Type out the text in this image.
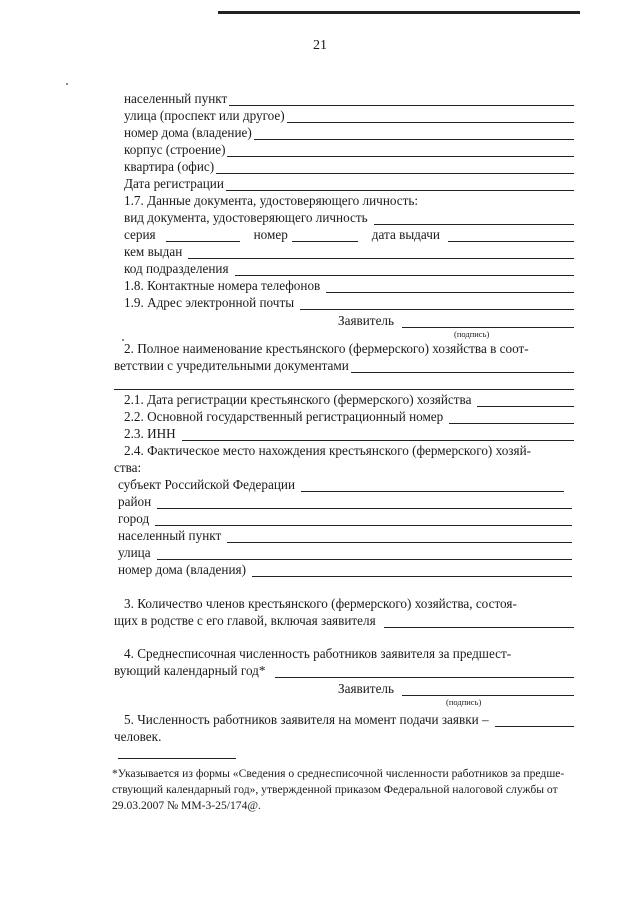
21
населенный пункт
улица (проспект или другое)
номер дома (владение)
корпус (строение)
квартира (офис)
Дата регистрации
1.7. Данные документа, удостоверяющего личность:
вид документа, удостоверяющего личность
серия	номер	дата выдачи
кем выдан
код подразделения
1.8. Контактные номера телефонов
1.9. Адрес электронной почты
Заявитель
(подпись)
2. Полное наименование крестьянского (фермерского) хозяйства в соот-
ветствии с учредительными документами
2.1. Дата регистрации крестьянского (фермерского) хозяйства
2.2. Основной государственный регистрационный номер
2.3. ИНН
2.4. Фактическое место нахождения крестьянского (фермерского) хозяй-
ства:
субъект Российской Федерации
район
город
населенный пункт
улица
номер дома (владения)
3. Количество членов крестьянского (фермерского) хозяйства, состоя-
щих в родстве с его главой, включая заявителя
4. Среднесписочная численность работников заявителя за предшест-
вующий календарный год*
Заявитель
(подпись)
5. Численность работников заявителя на момент подачи заявки –
человек.
*Указывается из формы «Сведения о среднесписочной численности работников за предше-
ствующий календарный год», утвержденной приказом Федеральной налоговой службы от
29.03.2007 № ММ-3-25/174@.
